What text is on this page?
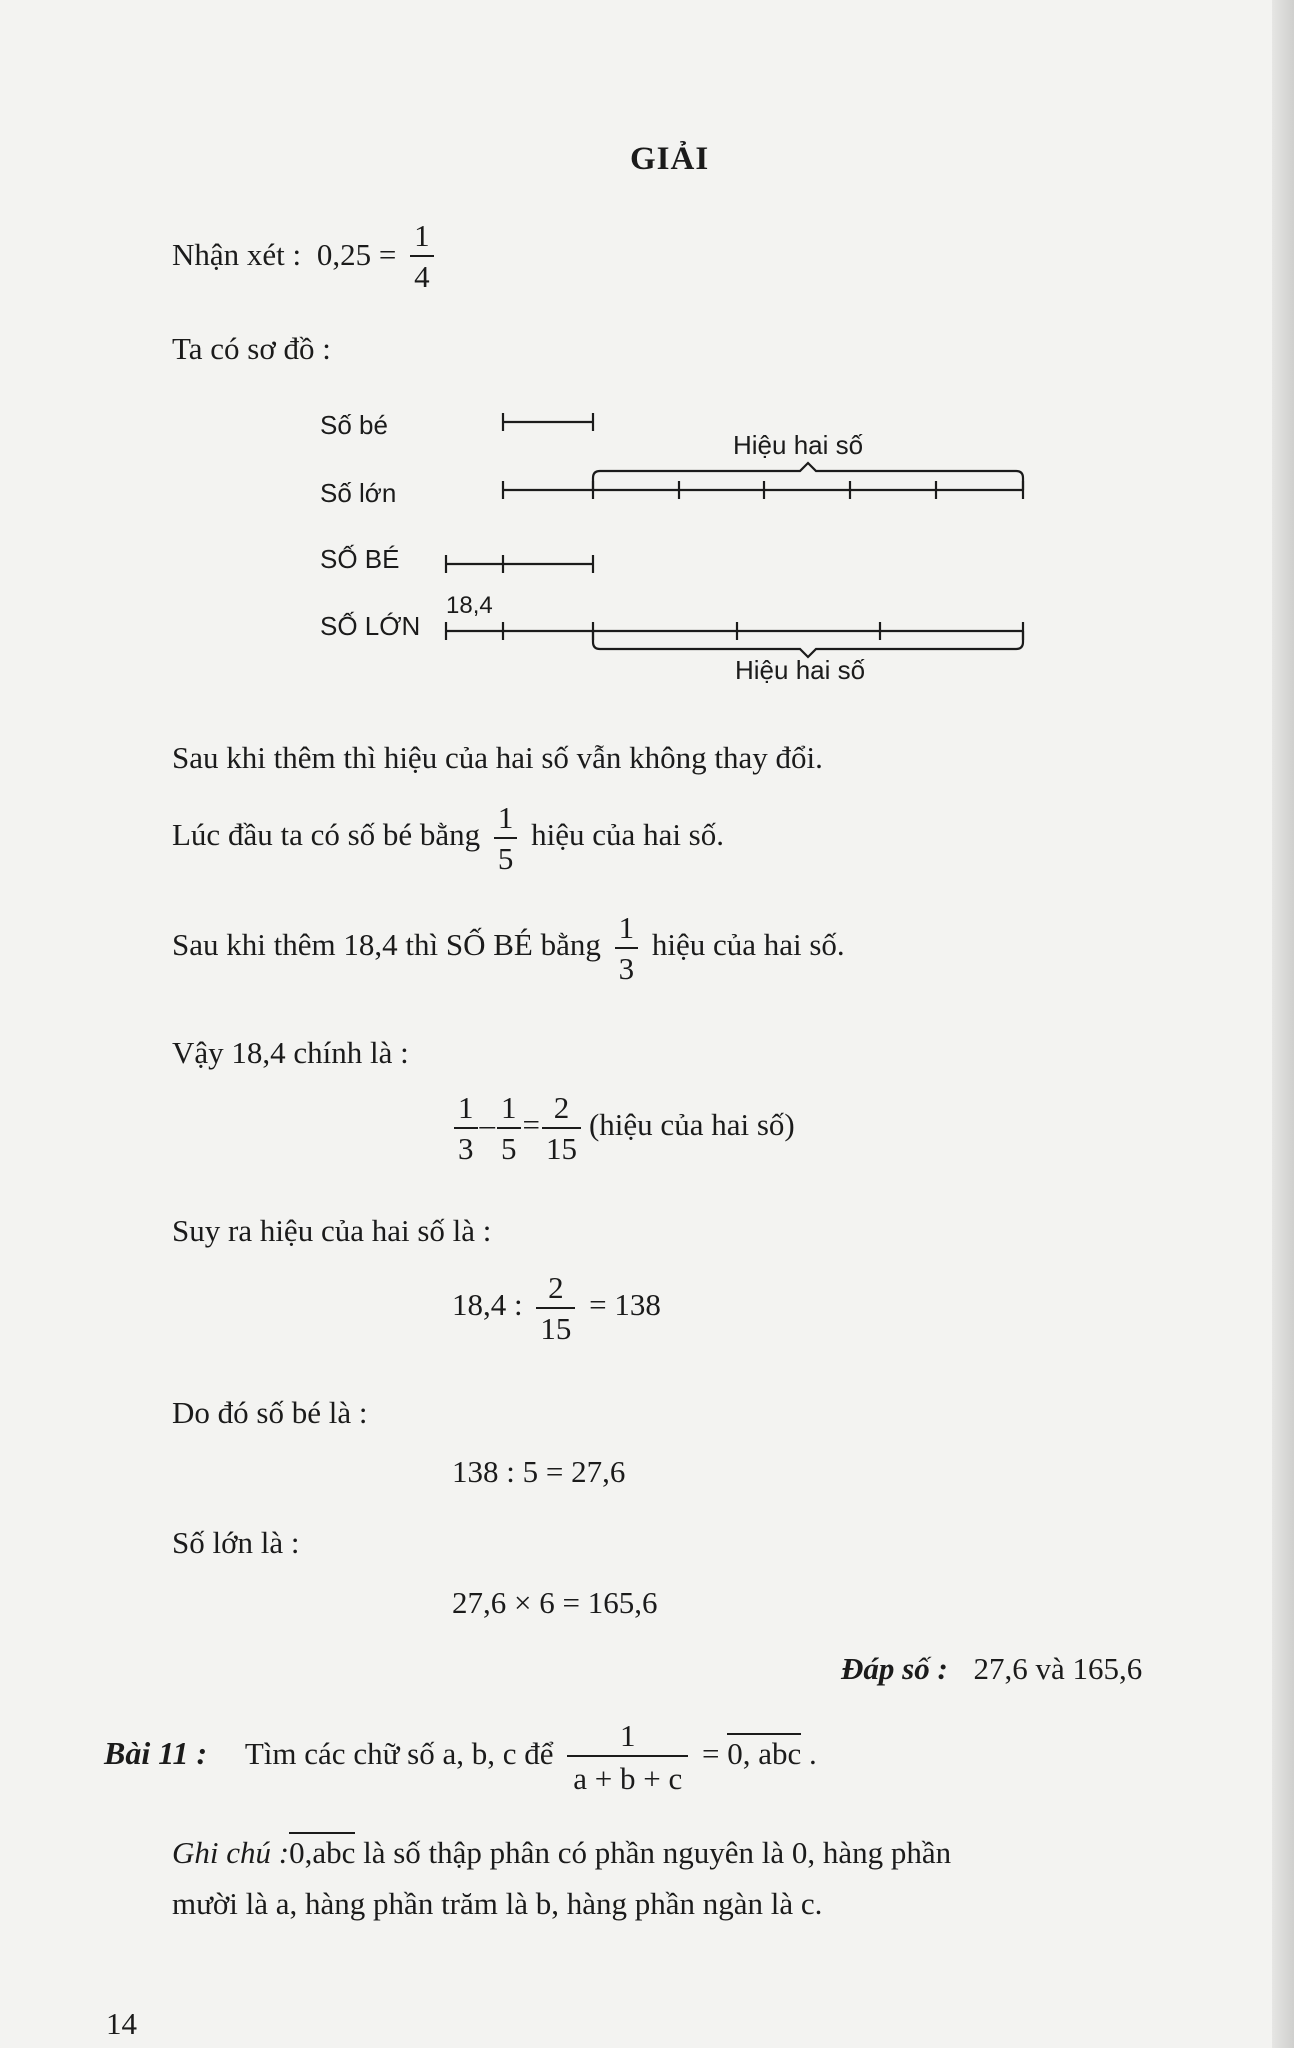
GIẢI
Nhận xét : $0,25 = \frac{1}{4}$
Ta có sơ đồ :
Số bé
Số lớn
SỐ BÉ
SỐ LỚN
18,4
Hiệu hai số
Hiệu hai số
Sau khi thêm thì hiệu của hai số vẫn không thay đổi.
Lúc đầu ta có số bé bằng $\frac{1}{5}$ hiệu của hai số.
Sau khi thêm 18,4 thì SỐ BÉ bằng $\frac{1}{3}$ hiệu của hai số.
Vậy 18,4 chính là :
$\frac{1}{3} - \frac{1}{5} = \frac{2}{15}$ (hiệu của hai số)
Suy ra hiệu của hai số là :
18,4 : $\frac{2}{15} = 138$
Do đó số bé là :
138 : 5 = 27,6
Số lớn là :
27,6 × 6 = 165,6
Đáp số : 27,6 và 165,6
Bài 11 : Tìm các chữ số a, b, c để $\frac{1}{a + b + c} = 0$, abc .
Ghi chú :0,abc là số thập phân có phần nguyên là 0, hàng phần
mười là a, hàng phần trăm là b, hàng phần ngàn là c.
14
